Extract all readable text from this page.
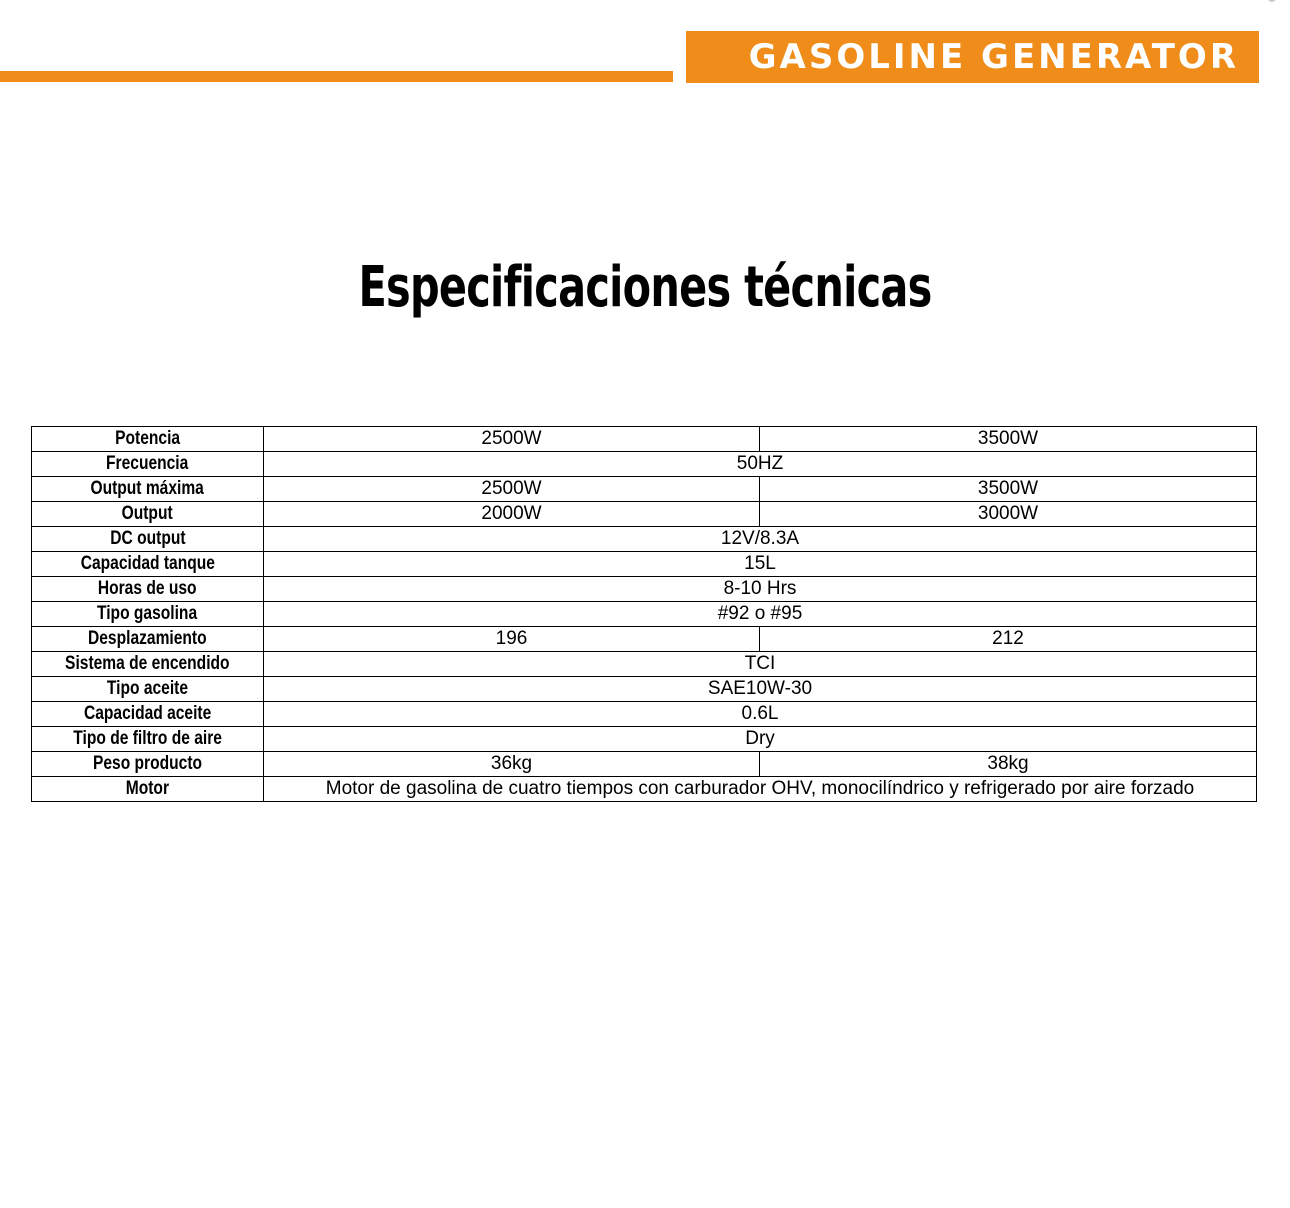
GASOLINE GENERATOR
Especificaciones técnicas
Potencia	2500W	3500W
Frecuencia	50HZ	
Output máxima	2500W	3500W
Output	2000W	3000W
DC output	12V/8.3A	
Capacidad tanque	15L	
Horas de uso	8-10 Hrs	
Tipo gasolina	#92 o #95	
Desplazamiento	196	212
Sistema de encendido	TCI	
Tipo aceite	SAE10W-30	
Capacidad aceite	0.6L	
Tipo de filtro de aire	Dry	
Peso producto	36kg	38kg
Motor	Motor de gasolina de cuatro tiempos con carburador OHV, monocilíndrico y refrigerado por aire forzado	
